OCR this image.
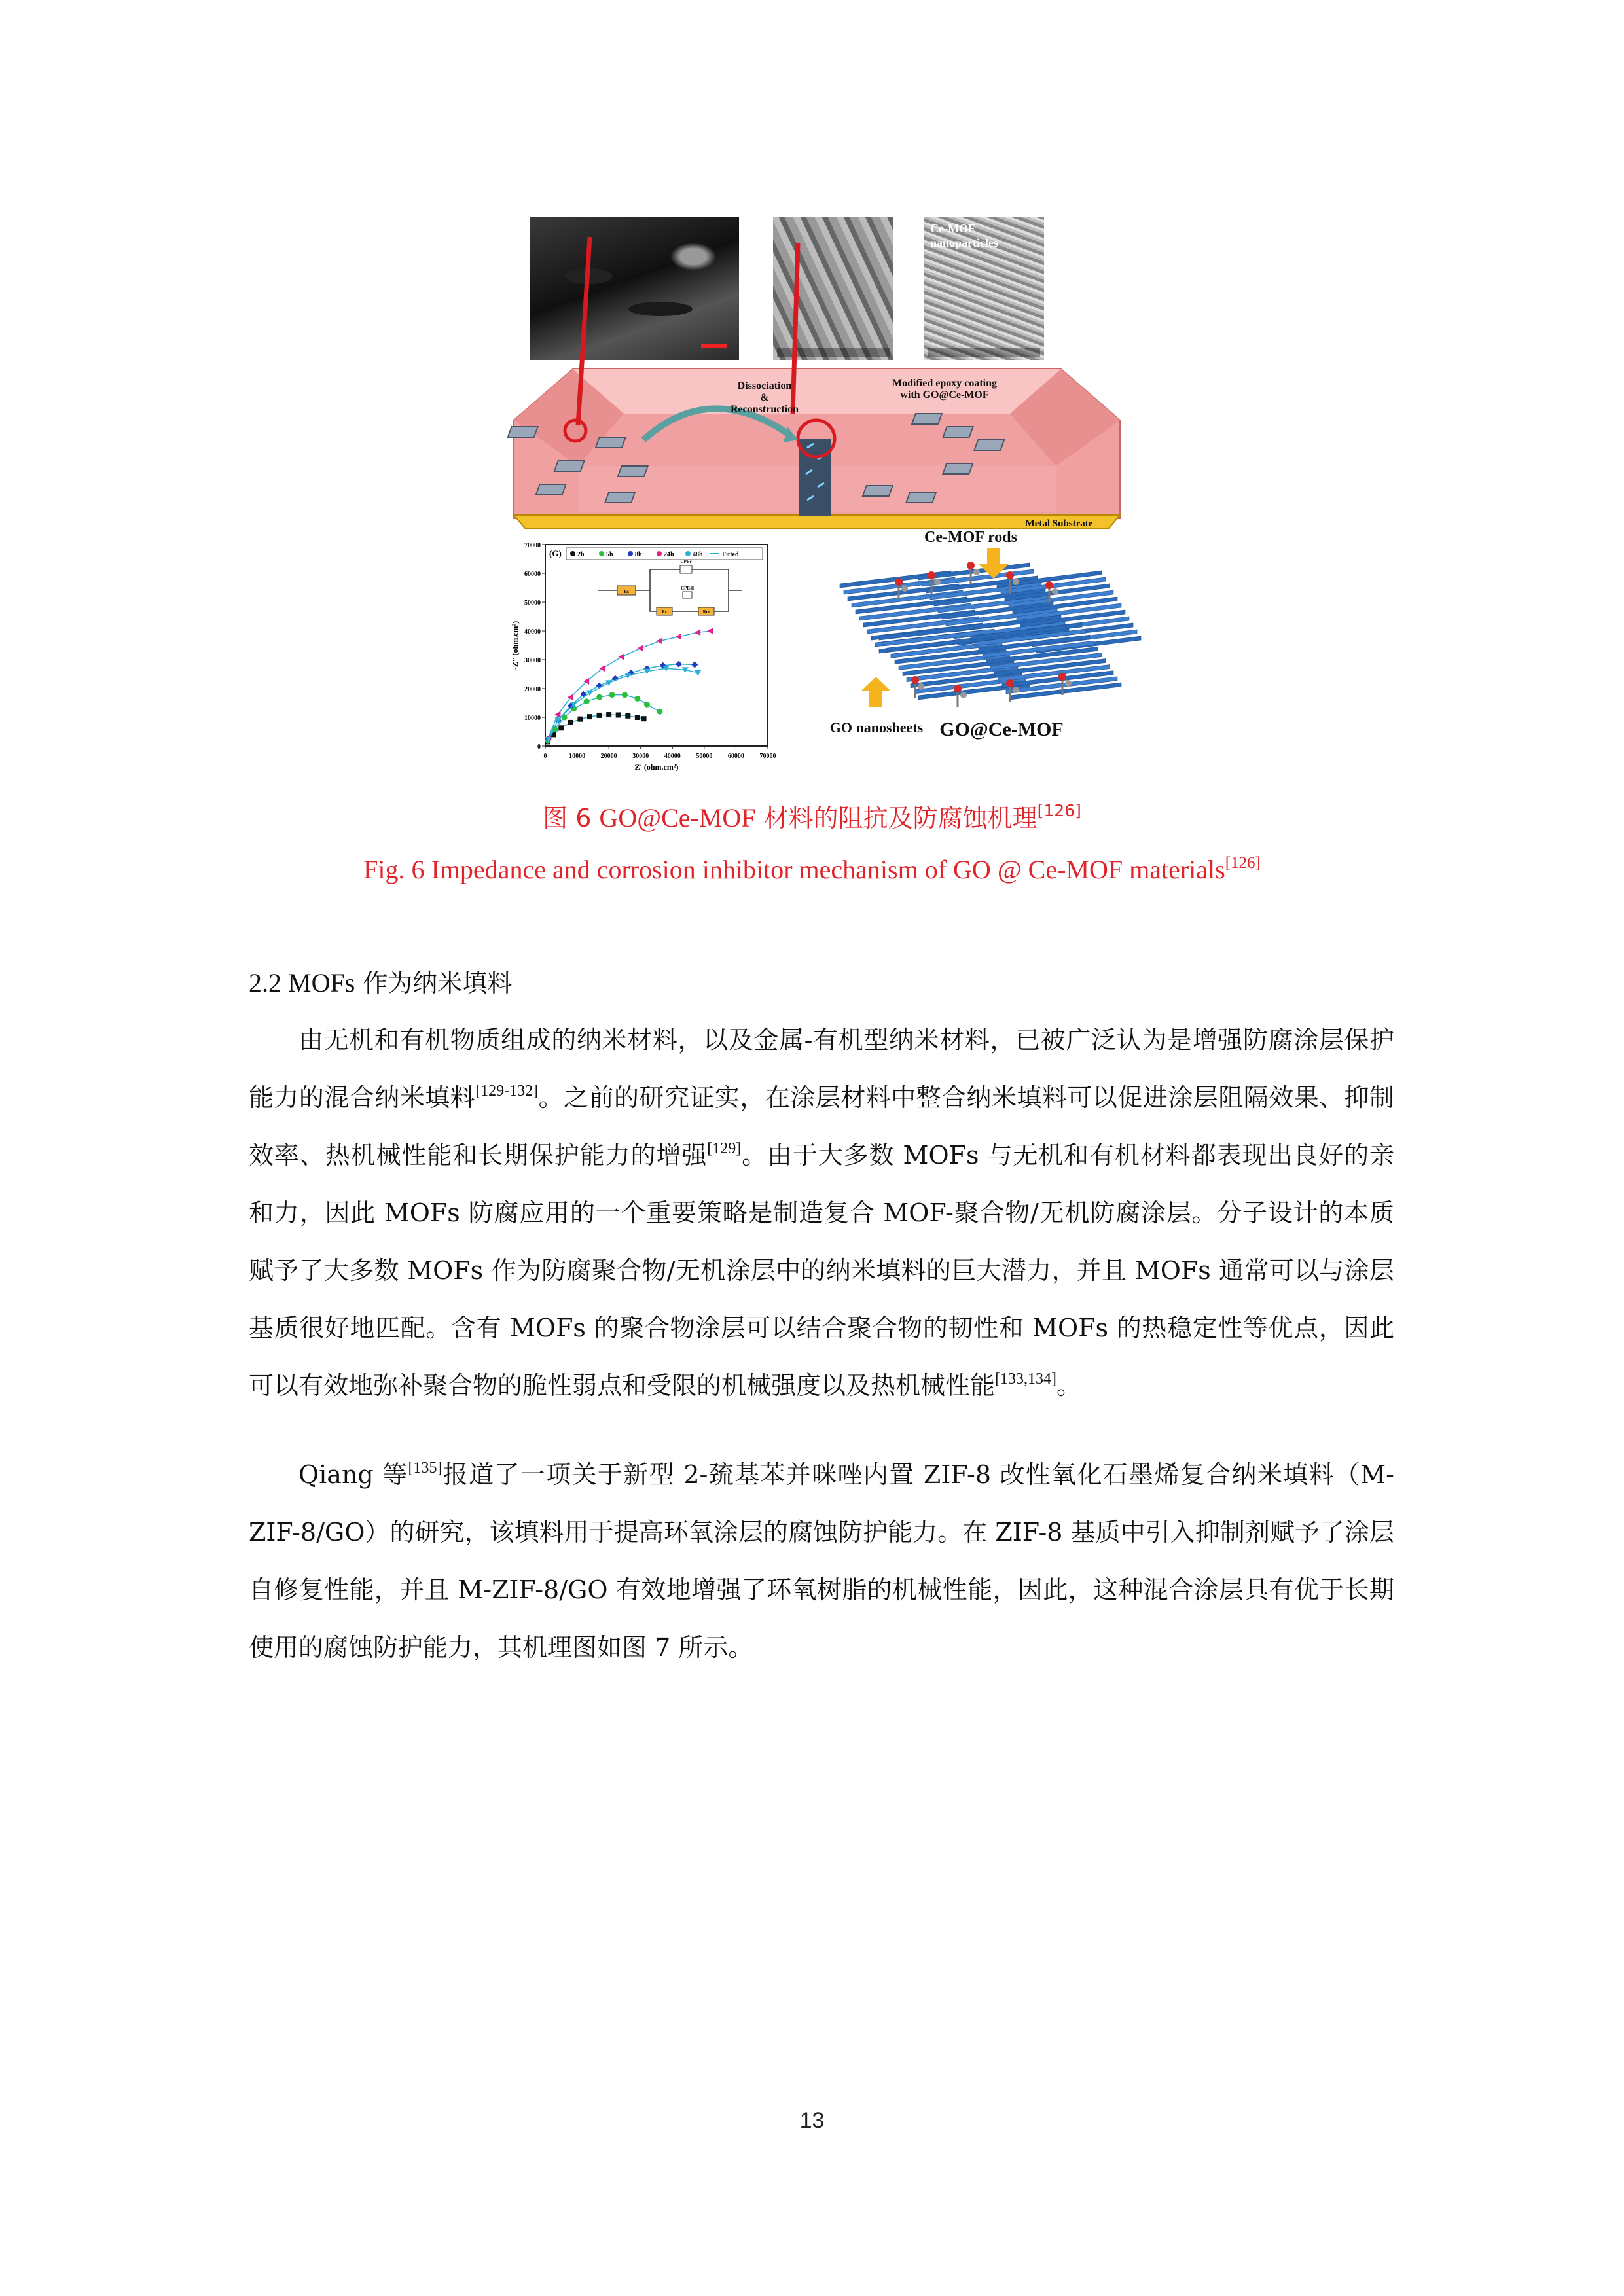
Ce-MOF
nanoparticles
Dissociation & Reconstruction
Modified epoxy coating with GO@Ce-MOF
Metal Substrate
0	10000 20000 30000 40000 50000 60000 70000
0
10000
20000
30000
40000
50000
60000
70000
Z' (ohm.cm²)
-Z'' (ohm.cm²)
(G) 2h	5h	8h	24h	48h	Fitted
Rs
CPEc
Rc
CPEdl
Rct
Ce-MOF rods
GO nanosheets GO@Ce-MOF
图 6 GO@Ce-MOF 材料的阻抗及防腐蚀机理[126]
Fig. 6 Impedance and corrosion inhibitor mechanism of GO @ Ce-MOF materials[126]
2.2 MOFs 作为纳米填料
由无机和有机物质组成的纳米材料，以及金属-有机型纳米材料，已被广泛认为是增强防腐涂层保护能力的混合纳米填料[129-132]。之前的研究证实，在涂层材料中整合纳米填料可以促进涂层阻隔效果、抑制效率、热机械性能和长期保护能力的增强[129]。由于大多数 MOFs 与无机和有机材料都表现出良好的亲和力，因此 MOFs 防腐应用的一个重要策略是制造复合 MOF-聚合物/无机防腐涂层。分子设计的本质赋予了大多数 MOFs 作为防腐聚合物/无机涂层中的纳米填料的巨大潜力，并且 MOFs 通常可以与涂层基质很好地匹配。含有 MOFs 的聚合物涂层可以结合聚合物的韧性和 MOFs 的热稳定性等优点，因此可以有效地弥补聚合物的脆性弱点和受限的机械强度以及热机械性能[133,134]。
Qiang 等[135]报道了一项关于新型 2-巯基苯并咪唑内置 ZIF-8 改性氧化石墨烯复合纳米填料（M-ZIF-8/GO）的研究，该填料用于提高环氧涂层的腐蚀防护能力。在 ZIF-8 基质中引入抑制剂赋予了涂层自修复性能，并且 M-ZIF-8/GO 有效地增强了环氧树脂的机械性能，因此，这种混合涂层具有优于长期使用的腐蚀防护能力，其机理图如图 7 所示。
13
